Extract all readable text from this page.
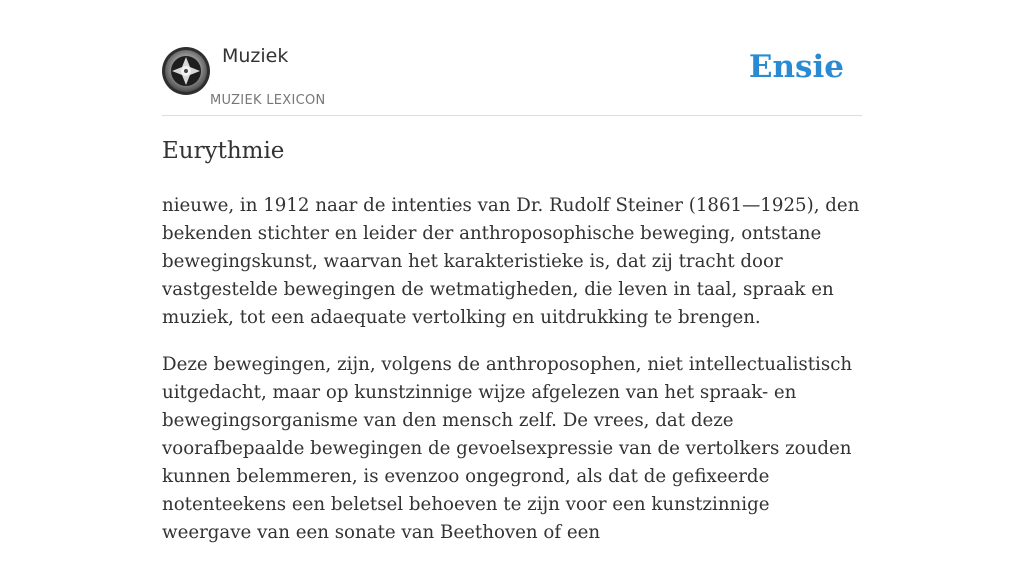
Muziek
MUZIEK LEXICON
Ensie
Eurythmie

nieuwe, in 1912 naar de intenties van Dr. Rudolf Steiner (1861—1925), den bekenden stichter en leider der anthroposophische beweging, ontstane bewegingskunst, waarvan het karakteristieke is, dat zij tracht door vastgestelde bewegingen de wetmatigheden, die leven in taal, spraak en muziek, tot een adaequate vertolking en uitdrukking te brengen.

Deze bewegingen, zijn, volgens de anthroposophen, niet intellectualistisch uitgedacht, maar op kunstzinnige wijze afgelezen van het spraak- en bewegingsorganisme van den mensch zelf. De vrees, dat deze voorafbepaalde bewegingen de gevoelsexpressie van de vertolkers zouden kunnen belemmeren, is evenzoo ongegrond, als dat de gefixeerde notenteekens een beletsel behoeven te zijn voor een kunstzinnige weergave van een sonate van Beethoven of een
